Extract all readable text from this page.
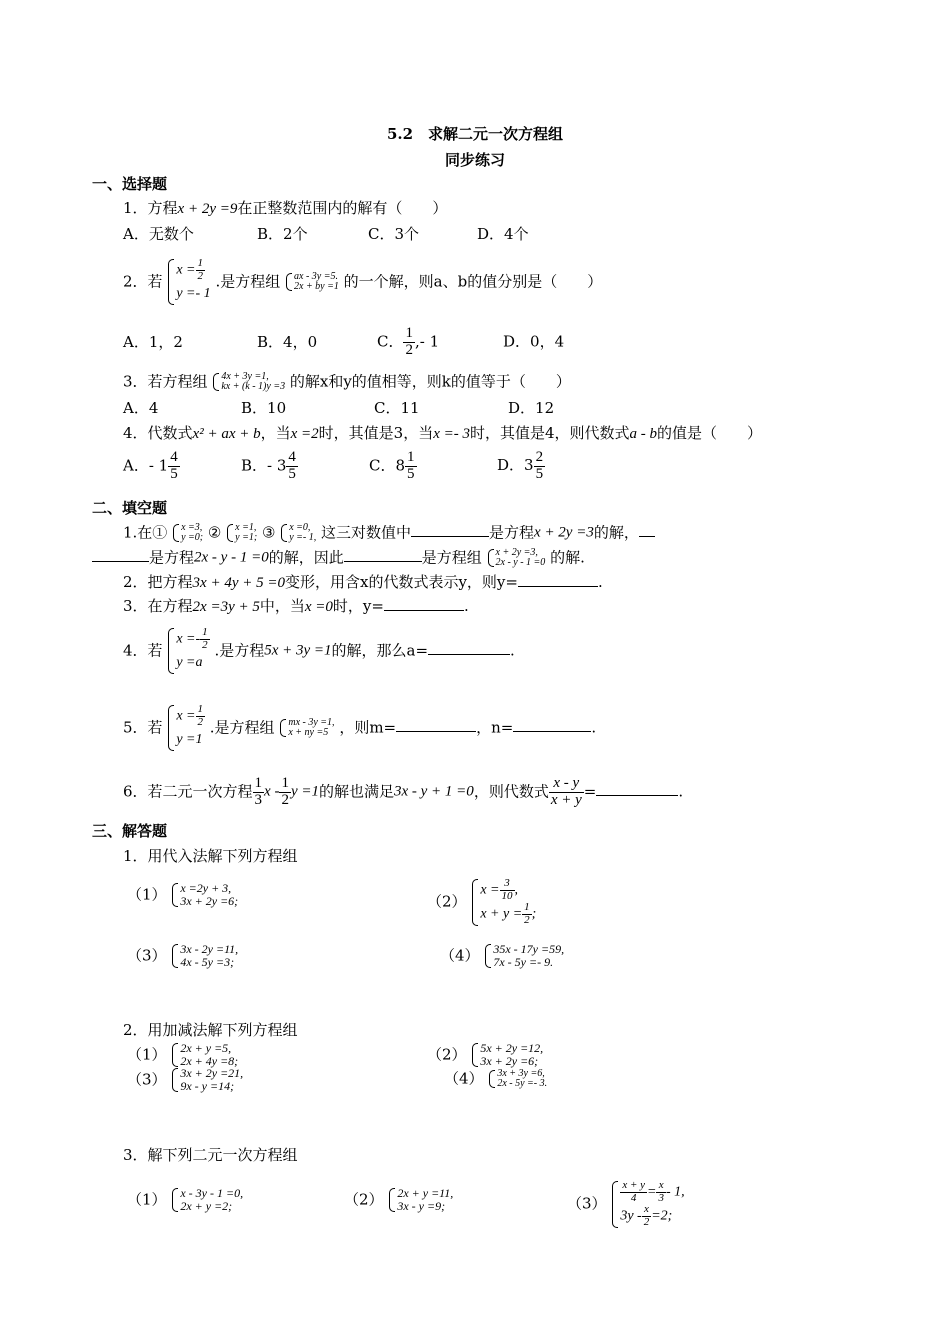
5.2　求解二元一次方程组
同步练习
一、选择题
1．方程x + 2y =9在正整数范围内的解有（　　）
A．无数个	B．2个	C．3个	D．4个
2．若
$x = \frac{1}{2}$
y =- 1
.是方程组 ax - 3y =5.
2x + by =1 的一个解，则a、b的值分别是（　　）
A．1，2	B．4，0	C． $\frac{1}{2}$ ,- 1	D．0，4
3．若方程组 4x + 3y =1,
kx + (k - 1)y =3 的解x和y的值相等，则k的值等于（　　）
A．4	B．10	C．11	D．12
4．代数式x² + ax + b，当x =2时，其值是3，当x =- 3时，其值是4，则代数式a - b的值是（　　）
A．- $1 \frac{4}{5}$	B．- $3 \frac{4}{5}$	C．$8 \frac{1}{5}$	D．$3 \frac{2}{5}$
二、填空题
1.在① x =3,
y =0; ② x =1,
y =1; ③ x =0,
y =- 1, 这三对数值中	是方程x + 2y =3的解，
是方程2x - y - 1 =0的解，因此	是方程组 x + 2y =3,
2x - y - 1 =0 的解.
2．把方程3x + 4y + 5 =0变形，用含x的代数式表示y，则y=	.
3．在方程2x =3y + 5中，当x =0时，y=	.
4．若
$x =- \frac{1}{2}$
y =a
.是方程5x + 3y =1的解，那么a=	.
5．若
$x = \frac{1}{2}$
y =1
.是方程组 mx - 3y =1,
x + ny =5 ，则m=	，n=	.
6．若二元一次方程 $\frac{1}{3}$ x - $\frac{1}{2}$ y =1的解也满足3x - y + 1 =0，则代数式 $\frac{x - y}{x + y}$ =	.
三、解答题
1．用代入法解下列方程组
（1） x =2y + 3,
3x + 2y =6;	（2）
$x = \frac{3}{10}$ ,
$x + y = \frac{1}{2}$ ;
（3） 3x - 2y =11,
4x - 5y =3;	（4） 35x - 17y =59,
7x - 5y =- 9.
2．用加减法解下列方程组
（1） 2x + y =5,
2x + 4y =8;	（2） 5x + 2y =12,
3x + 2y =6;
（3） 3x + 2y =21,
9x - y =14;	（4） 3x + 3y =6,
2x - 5y =- 3.
3．解下列二元一次方程组
（1） x - 3y - 1 =0,
2x + y =2;	（2） 2x + y =11,
3x - y =9;	$(3) \frac{x + y}{4} = \frac{x}{3} - 1$,
$3y - \frac{x}{2} =2$;
